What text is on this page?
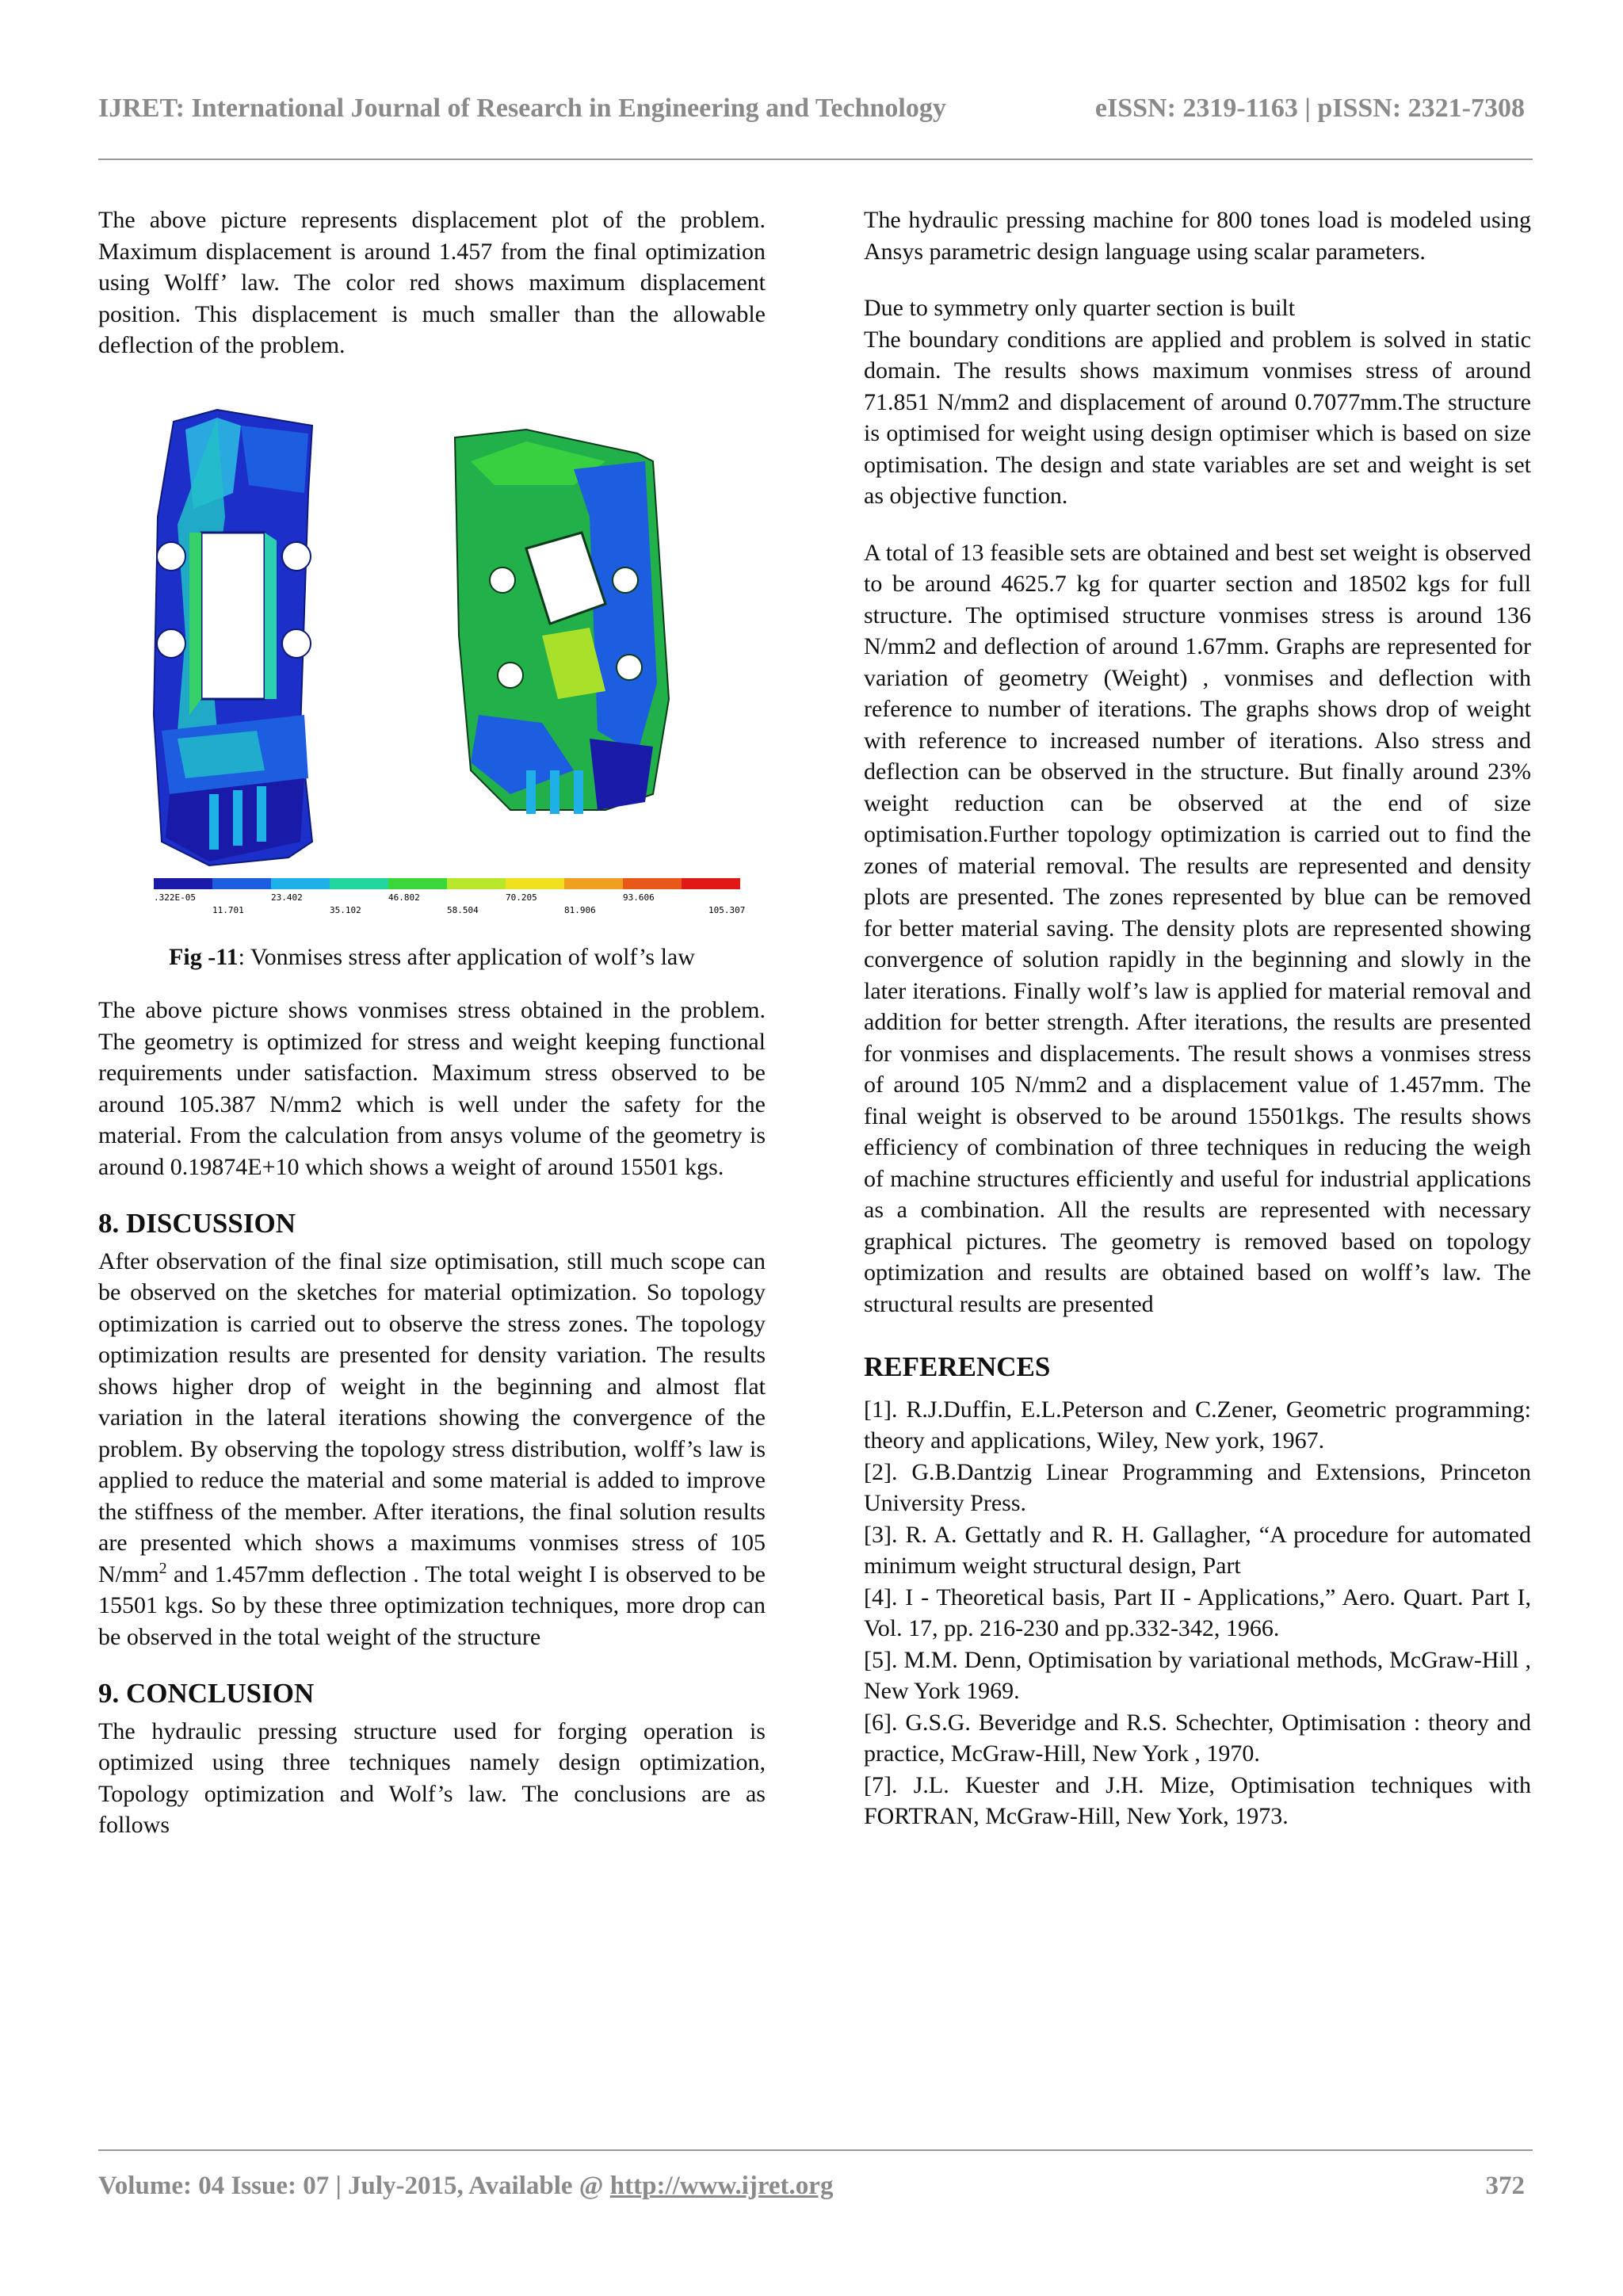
IJRET: International Journal of Research in Engineering and Technology	eISSN: 2319-1163 | pISSN: 2321-7308

The above picture represents displacement plot of the problem. Maximum displacement is around 1.457 from the final optimization using Wolff’ law. The color red shows maximum displacement position. This displacement is much smaller than the allowable deflection of the problem.

.322E-05	23.402	46.802	70.205	93.606
11.701	35.102	58.504	81.906	105.307
Fig -11: Vonmises stress after application of wolf’s law

The above picture shows vonmises stress obtained in the problem. The geometry is optimized for stress and weight keeping functional requirements under satisfaction. Maximum stress observed to be around 105.387 N/mm2 which is well under the safety for the material. From the calculation from ansys volume of the geometry is around 0.19874E+10 which shows a weight of around 15501 kgs.

8. DISCUSSION

After observation of the final size optimisation, still much scope can be observed on the sketches for material optimization. So topology optimization is carried out to observe the stress zones. The topology optimization results are presented for density variation. The results shows higher drop of weight in the beginning and almost flat variation in the lateral iterations showing the convergence of the problem. By observing the topology stress distribution, wolff’s law is applied to reduce the material and some material is added to improve the stiffness of the member. After iterations, the final solution results are presented which shows a maximums vonmises stress of 105 $N/mm^2$ and 1.457mm deflection . The total weight I is observed to be 15501 kgs. So by these three optimization techniques, more drop can be observed in the total weight of the structure

9. CONCLUSION

The hydraulic pressing structure used for forging operation is optimized using three techniques namely design optimization, Topology optimization and Wolf’s law. The conclusions are as follows

The hydraulic pressing machine for 800 tones load is modeled using Ansys parametric design language using scalar parameters.

Due to symmetry only quarter section is built

The boundary conditions are applied and problem is solved in static domain. The results shows maximum vonmises stress of around 71.851 N/mm2 and displacement of around 0.7077mm.The structure is optimised for weight using design optimiser which is based on size optimisation. The design and state variables are set and weight is set as objective function.

A total of 13 feasible sets are obtained and best set weight is observed to be around 4625.7 kg for quarter section and 18502 kgs for full structure. The optimised structure vonmises stress is around 136 N/mm2 and deflection of around 1.67mm. Graphs are represented for variation of geometry (Weight) , vonmises and deflection with reference to number of iterations. The graphs shows drop of weight with reference to increased number of iterations. Also stress and deflection can be observed in the structure. But finally around 23% weight reduction can be observed at the end of size optimisation.Further topology optimization is carried out to find the zones of material removal. The results are represented and density plots are presented. The zones represented by blue can be removed for better material saving. The density plots are represented showing convergence of solution rapidly in the beginning and slowly in the later iterations. Finally wolf’s law is applied for material removal and addition for better strength. After iterations, the results are presented for vonmises and displacements. The result shows a vonmises stress of around 105 N/mm2 and a displacement value of 1.457mm. The final weight is observed to be around 15501kgs. The results shows efficiency of combination of three techniques in reducing the weigh of machine structures efficiently and useful for industrial applications as a combination. All the results are represented with necessary graphical pictures. The geometry is removed based on topology optimization and results are obtained based on wolff’s law. The structural results are presented

REFERENCES

[1]. R.J.Duffin, E.L.Peterson and C.Zener, Geometric programming: theory and applications, Wiley, New york, 1967.

[2]. G.B.Dantzig Linear Programming and Extensions, Princeton University Press.

[3]. R. A. Gettatly and R. H. Gallagher, “A procedure for automated minimum weight structural design, Part

[4]. I - Theoretical basis, Part II - Applications,” Aero. Quart. Part I, Vol. 17, pp. 216-230 and pp.332-342, 1966.

[5]. M.M. Denn, Optimisation by variational methods, McGraw-Hill , New York 1969.

[6]. G.S.G. Beveridge and R.S. Schechter, Optimisation : theory and practice, McGraw-Hill, New York , 1970.

[7]. J.L. Kuester and J.H. Mize, Optimisation techniques with FORTRAN, McGraw-Hill, New York, 1973.

Volume: 04 Issue: 07 | July-2015, Available @ http://www.ijret.org	372
